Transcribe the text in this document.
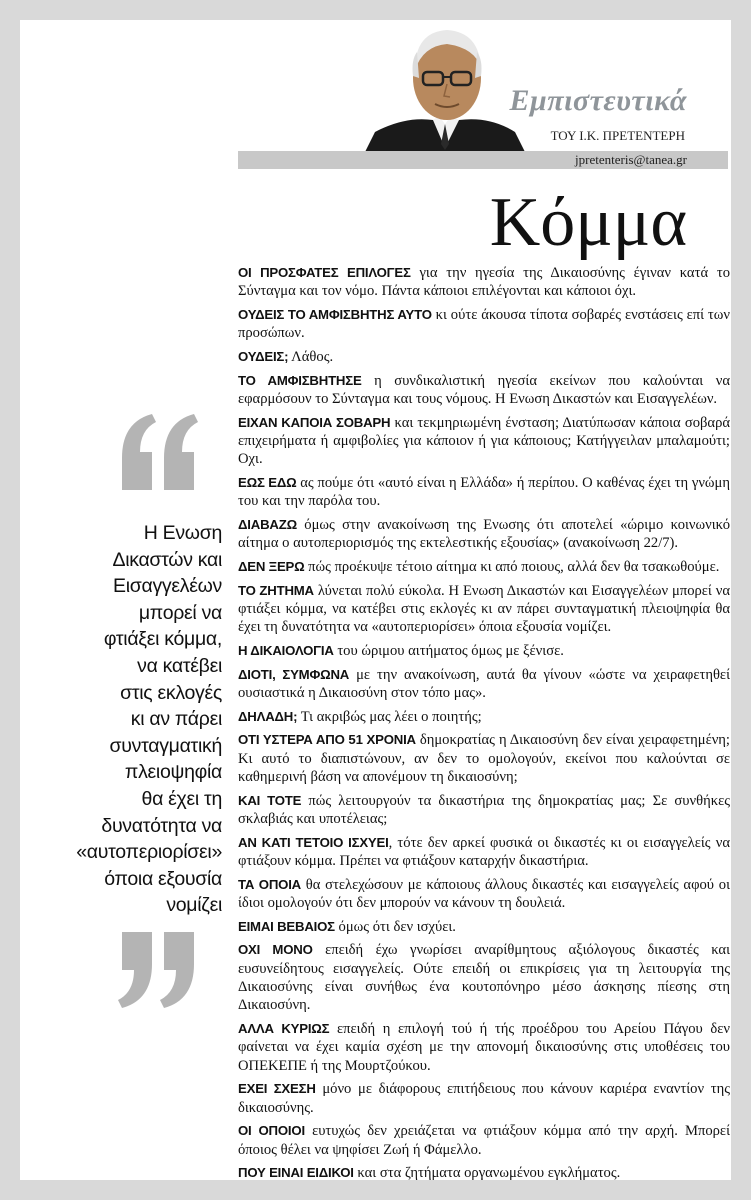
Εμπιστευτικά
ΤΟΥ Ι.Κ. ΠΡΕΤΕΝΤΕΡΗ
jpretenteris@tanea.gr
Κόμμα
Η Ενωση
Δικαστών και
Εισαγγελέων
μπορεί να
φτιάξει κόμμα,
να κατέβει
στις εκλογές
κι αν πάρει
συνταγματική
πλειοψηφία
θα έχει τη
δυνατότητα να
«αυτοπεριορίσει»
όποια εξουσία
νομίζει

ΟΙ ΠΡΟΣΦΑΤΕΣ ΕΠΙΛΟΓΕΣ για την ηγεσία της Δικαιοσύνης έγιναν κατά το Σύνταγμα και τον νόμο. Πάντα κάποιοι επιλέγονται και κάποιοι όχι.

ΟΥΔΕΙΣ ΤΟ ΑΜΦΙΣΒΗΤΗΣ ΑΥΤΟ κι ούτε άκουσα τίποτα σοβαρές ενστάσεις επί των προσώπων.

ΟΥΔΕΙΣ; Λάθος.

ΤΟ ΑΜΦΙΣΒΗΤΗΣΕ η συνδικαλιστική ηγεσία εκείνων που καλούνται να εφαρμόσουν το Σύνταγμα και τους νόμους. Η Ενωση Δικαστών και Εισαγγελέων.

ΕΙΧΑΝ ΚΑΠΟΙΑ ΣΟΒΑΡΗ και τεκμηριωμένη ένσταση; Διατύπωσαν κάποια σοβαρά επιχειρήματα ή αμφιβολίες για κάποιον ή για κάποιους; Κατήγγειλαν μπαλαμούτι; Οχι.

ΕΩΣ ΕΔΩ ας πούμε ότι «αυτό είναι η Ελλάδα» ή περίπου. Ο καθένας έχει τη γνώμη του και την παρόλα του.

ΔΙΑΒΑΖΩ όμως στην ανακοίνωση της Ενωσης ότι αποτελεί «ώριμο κοινωνικό αίτημα ο αυτοπεριορισμός της εκτελεστικής εξουσίας» (ανακοίνωση 22/7).

ΔΕΝ ΞΕΡΩ πώς προέκυψε τέτοιο αίτημα κι από ποιους, αλλά δεν θα τσακωθούμε.

ΤΟ ΖΗΤΗΜΑ λύνεται πολύ εύκολα. Η Ενωση Δικαστών και Εισαγγελέων μπορεί να φτιάξει κόμμα, να κατέβει στις εκλογές κι αν πάρει συνταγματική πλειοψηφία θα έχει τη δυνατότητα να «αυτοπεριορίσει» όποια εξουσία νομίζει.

Η ΔΙΚΑΙΟΛΟΓΙΑ του ώριμου αιτήματος όμως με ξένισε.

ΔΙΟΤΙ, ΣΥΜΦΩΝΑ με την ανακοίνωση, αυτά θα γίνουν «ώστε να χειραφετηθεί ουσιαστικά η Δικαιοσύνη στον τόπο μας».

ΔΗΛΑΔΗ; Τι ακριβώς μας λέει ο ποιητής;

ΟΤΙ ΥΣΤΕΡΑ ΑΠΟ 51 ΧΡΟΝΙΑ δημοκρατίας η Δικαιοσύνη δεν είναι χειραφετημένη; Κι αυτό το διαπιστώνουν, αν δεν το ομολογούν, εκείνοι που καλούνται σε καθημερινή βάση να απονέμουν τη δικαιοσύνη;

ΚΑΙ ΤΟΤΕ πώς λειτουργούν τα δικαστήρια της δημοκρατίας μας; Σε συνθήκες σκλαβιάς και υποτέλειας;

ΑΝ ΚΑΤΙ ΤΕΤΟΙΟ ΙΣΧΥΕΙ, τότε δεν αρκεί φυσικά οι δικαστές κι οι εισαγγελείς να φτιάξουν κόμμα. Πρέπει να φτιάξουν καταρχήν δικαστήρια.

ΤΑ ΟΠΟΙΑ θα στελεχώσουν με κάποιους άλλους δικαστές και εισαγγελείς αφού οι ίδιοι ομολογούν ότι δεν μπορούν να κάνουν τη δουλειά.

ΕΙΜΑΙ ΒΕΒΑΙΟΣ όμως ότι δεν ισχύει.

ΟΧΙ ΜΟΝΟ επειδή έχω γνωρίσει αναρίθμητους αξιόλογους δικαστές και ευσυνείδητους εισαγγελείς. Ούτε επειδή οι επικρίσεις για τη λειτουργία της Δικαιοσύνης είναι συνήθως ένα κουτοπόνηρο μέσο άσκησης πίεσης στη Δικαιοσύνη.

ΑΛΛΑ ΚΥΡΙΩΣ επειδή η επιλογή τού ή τής προέδρου του Αρείου Πάγου δεν φαίνεται να έχει καμία σχέση με την απονομή δικαιοσύνης στις υποθέσεις του ΟΠΕΚΕΠΕ ή της Μουρτζούκου.

ΕΧΕΙ ΣΧΕΣΗ μόνο με διάφορους επιτήδειους που κάνουν καριέρα εναντίον της δικαιοσύνης.

ΟΙ ΟΠΟΙΟΙ ευτυχώς δεν χρειάζεται να φτιάξουν κόμμα από την αρχή. Μπορεί όποιος θέλει να ψηφίσει Ζωή ή Φάμελλο.

ΠΟΥ ΕΙΝΑΙ ΕΙΔΙΚΟΙ και στα ζητήματα οργανωμένου εγκλήματος.
